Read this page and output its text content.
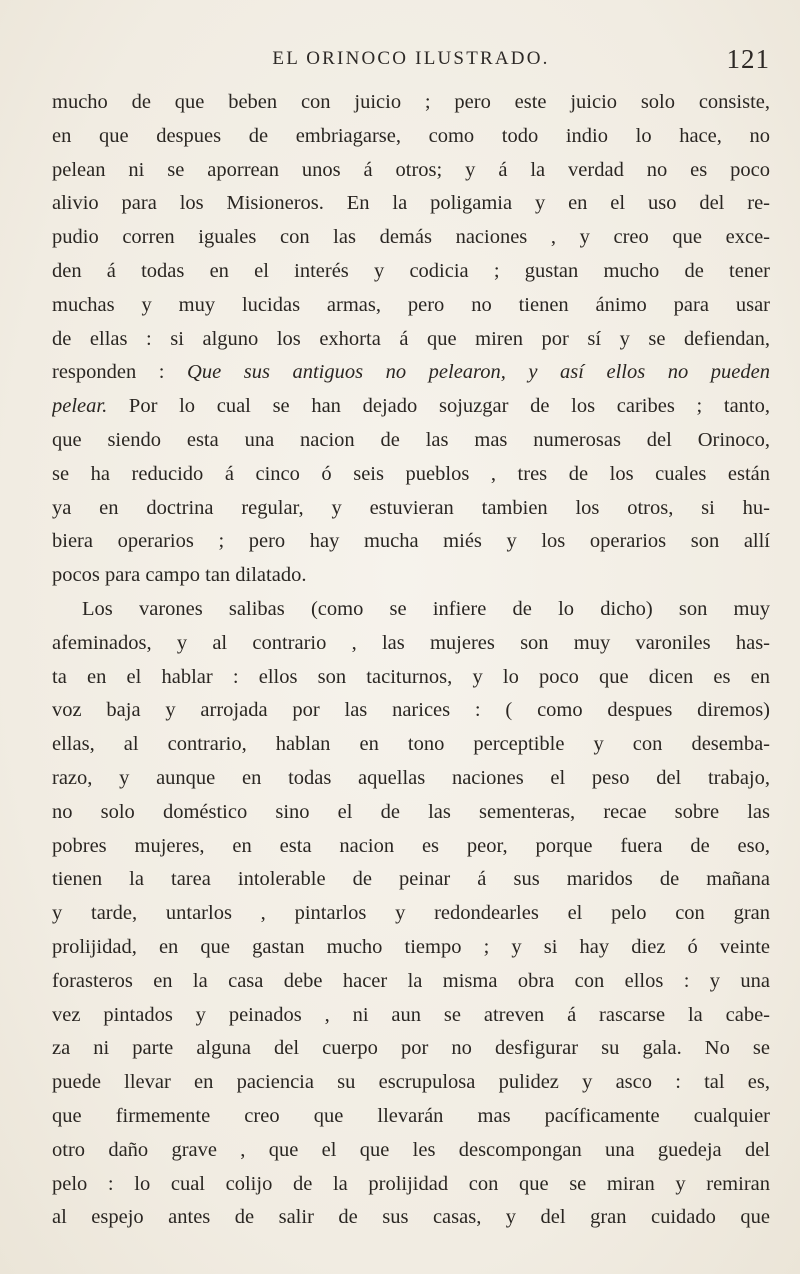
EL ORINOCO ILUSTRADO.	121
mucho de que beben con juicio ; pero este juicio solo consiste,
en que despues de embriagarse, como todo indio lo hace, no
pelean ni se aporrean unos á otros; y á la verdad no es poco
alivio para los Misioneros. En la poligamia y en el uso del re-
pudio corren iguales con las demás naciones , y creo que exce-
den á todas en el interés y codicia ; gustan mucho de tener
muchas y muy lucidas armas, pero no tienen ánimo para usar
de ellas : si alguno los exhorta á que miren por sí y se defiendan,
responden : Que sus antiguos no pelearon, y así ellos no pueden
pelear. Por lo cual se han dejado sojuzgar de los caribes ; tanto,
que siendo esta una nacion de las mas numerosas del Orinoco,
se ha reducido á cinco ó seis pueblos , tres de los cuales están
ya en doctrina regular, y estuvieran tambien los otros, si hu-
biera operarios ; pero hay mucha miés y los operarios son allí
pocos para campo tan dilatado.
Los varones salibas (como se infiere de lo dicho) son muy
afeminados, y al contrario , las mujeres son muy varoniles has-
ta en el hablar : ellos son taciturnos, y lo poco que dicen es en
voz baja y arrojada por las narices : ( como despues diremos)
ellas, al contrario, hablan en tono perceptible y con desemba-
razo, y aunque en todas aquellas naciones el peso del trabajo,
no solo doméstico sino el de las sementeras, recae sobre las
pobres mujeres, en esta nacion es peor, porque fuera de eso,
tienen la tarea intolerable de peinar á sus maridos de mañana
y tarde, untarlos , pintarlos y redondearles el pelo con gran
prolijidad, en que gastan mucho tiempo ; y si hay diez ó veinte
forasteros en la casa debe hacer la misma obra con ellos : y una
vez pintados y peinados , ni aun se atreven á rascarse la cabe-
za ni parte alguna del cuerpo por no desfigurar su gala. No se
puede llevar en paciencia su escrupulosa pulidez y asco : tal es,
que firmemente creo que llevarán mas pacíficamente cualquier
otro daño grave , que el que les descompongan una guedeja del
pelo : lo cual colijo de la prolijidad con que se miran y remiran
al espejo antes de salir de sus casas, y del gran cuidado que
